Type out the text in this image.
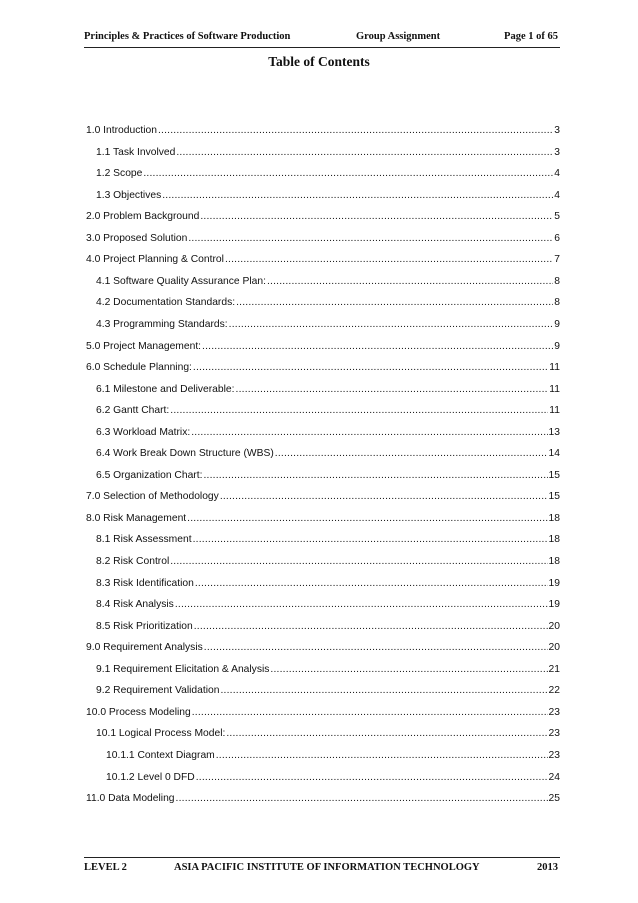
Principles & Practices of Software Production	Group Assignment	Page 1 of 65
Table of Contents
1.0 Introduction .....	3
1.1 Task Involved .....	3
1.2 Scope .....	4
1.3 Objectives .....	4
2.0 Problem Background .....	5
3.0 Proposed Solution .....	6
4.0 Project Planning & Control .....	7
4.1 Software Quality Assurance Plan: .....	8
4.2 Documentation Standards: .....	8
4.3 Programming Standards: .....	9
5.0 Project Management: .....	9
6.0 Schedule Planning: .....	11
6.1 Milestone and Deliverable: .....	11
6.2 Gantt Chart: .....	11
6.3 Workload Matrix: .....	13
6.4 Work Break Down Structure (WBS) .....	14
6.5 Organization Chart: .....	15
7.0 Selection of Methodology .....	15
8.0 Risk Management .....	18
8.1 Risk Assessment .....	18
8.2 Risk Control .....	18
8.3 Risk Identification .....	19
8.4 Risk Analysis .....	19
8.5 Risk Prioritization .....	20
9.0 Requirement Analysis .....	20
9.1 Requirement Elicitation & Analysis .....	21
9.2 Requirement Validation .....	22
10.0 Process Modeling .....	23
10.1 Logical Process Model: .....	23
10.1.1 Context Diagram .....	23
10.1.2 Level 0 DFD .....	24
11.0 Data Modeling .....	25
LEVEL 2	ASIA PACIFIC INSTITUTE OF INFORMATION TECHNOLOGY	2013
